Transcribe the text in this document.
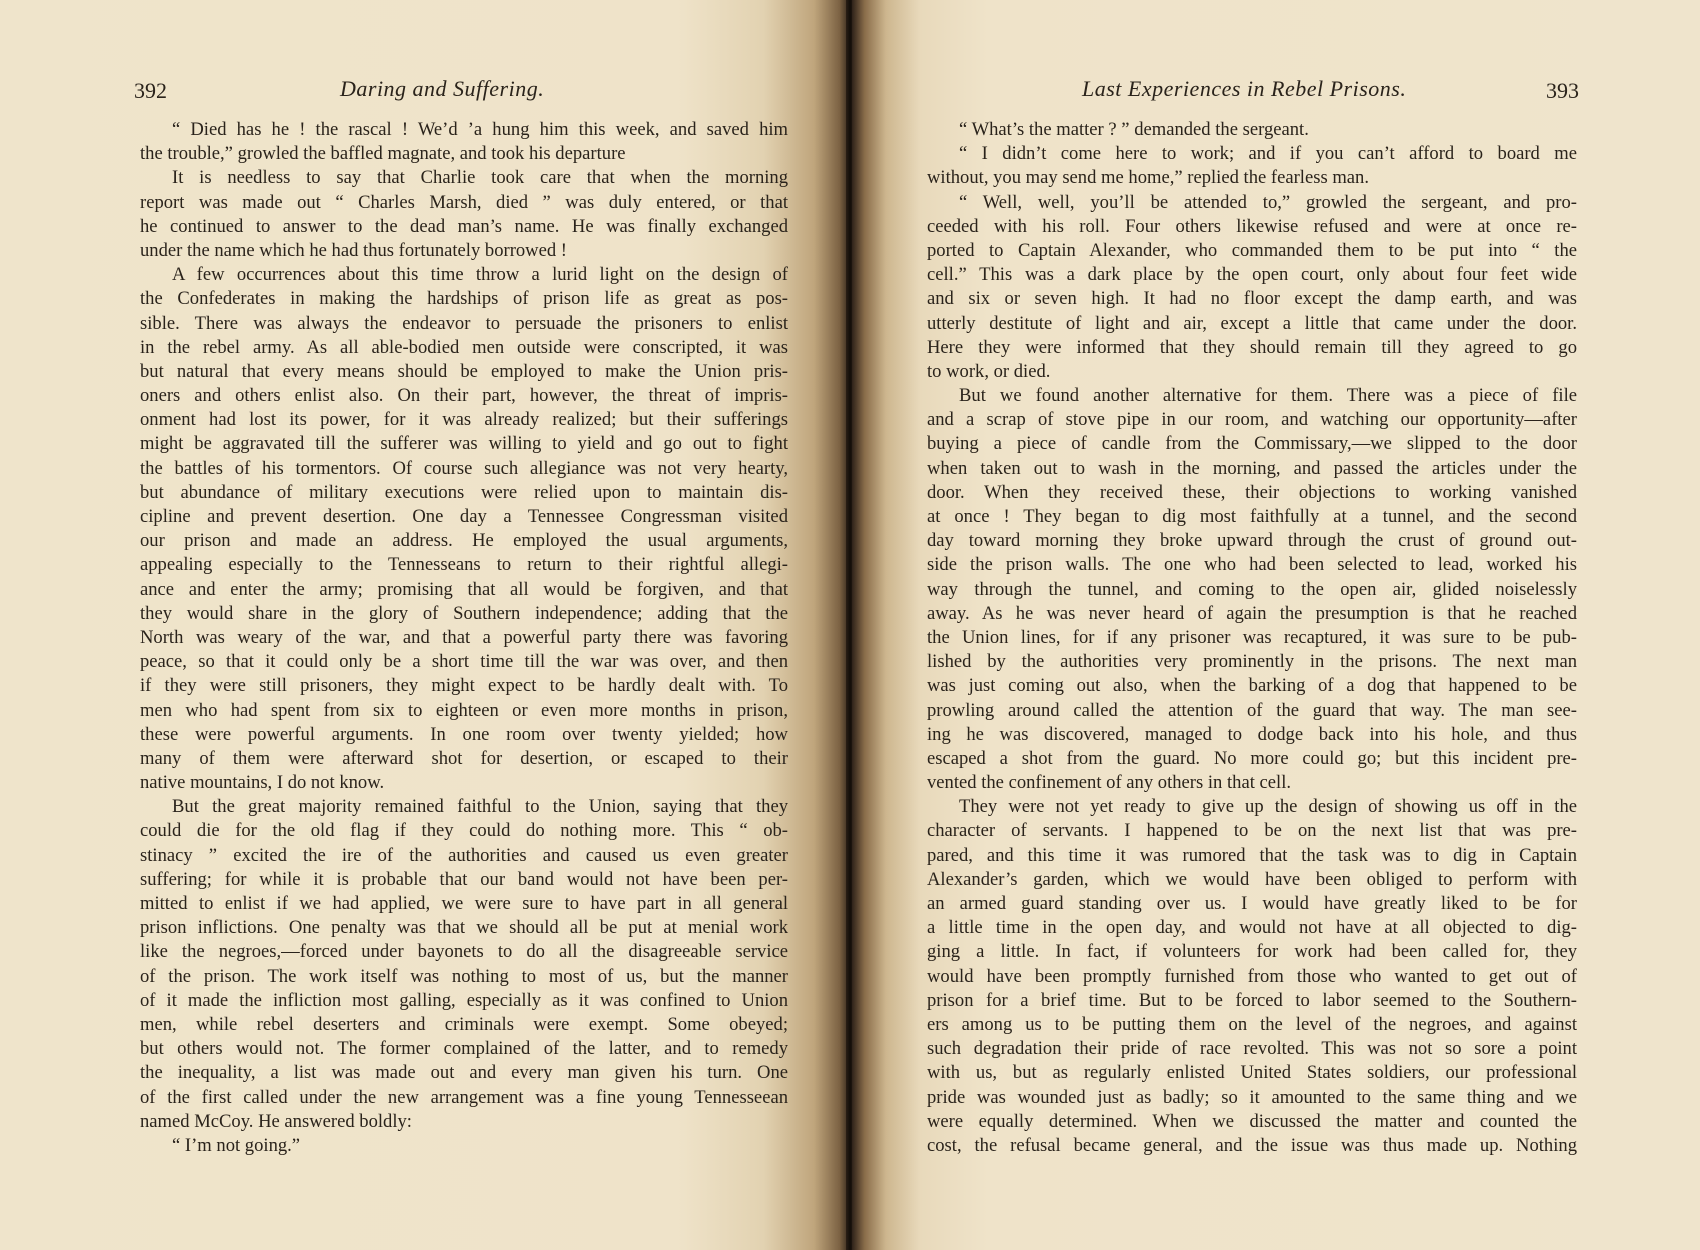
392	Daring and Suffering.
“ Died has he ! the rascal ! We’d ’a hung him this week, and saved him
the trouble,” growled the baffled magnate, and took his departure
It is needless to say that Charlie took care that when the morning
report was made out “ Charles Marsh, died ” was duly entered, or that
he continued to answer to the dead man’s name. He was finally exchanged
under the name which he had thus fortunately borrowed !
A few occurrences about this time throw a lurid light on the design of
the Confederates in making the hardships of prison life as great as pos-
sible. There was always the endeavor to persuade the prisoners to enlist
in the rebel army. As all able-bodied men outside were conscripted, it was
but natural that every means should be employed to make the Union pris-
oners and others enlist also. On their part, however, the threat of impris-
onment had lost its power, for it was already realized; but their sufferings
might be aggravated till the sufferer was willing to yield and go out to fight
the battles of his tormentors. Of course such allegiance was not very hearty,
but abundance of military executions were relied upon to maintain dis-
cipline and prevent desertion. One day a Tennessee Congressman visited
our prison and made an address. He employed the usual arguments,
appealing especially to the Tennesseans to return to their rightful allegi-
ance and enter the army; promising that all would be forgiven, and that
they would share in the glory of Southern independence; adding that the
North was weary of the war, and that a powerful party there was favoring
peace, so that it could only be a short time till the war was over, and then
if they were still prisoners, they might expect to be hardly dealt with. To
men who had spent from six to eighteen or even more months in prison,
these were powerful arguments. In one room over twenty yielded; how
many of them were afterward shot for desertion, or escaped to their
native mountains, I do not know.
But the great majority remained faithful to the Union, saying that they
could die for the old flag if they could do nothing more. This “ ob-
stinacy ” excited the ire of the authorities and caused us even greater
suffering; for while it is probable that our band would not have been per-
mitted to enlist if we had applied, we were sure to have part in all general
prison inflictions. One penalty was that we should all be put at menial work
like the negroes,—forced under bayonets to do all the disagreeable service
of the prison. The work itself was nothing to most of us, but the manner
of it made the infliction most galling, especially as it was confined to Union
men, while rebel deserters and criminals were exempt. Some obeyed;
but others would not. The former complained of the latter, and to remedy
the inequality, a list was made out and every man given his turn. One
of the first called under the new arrangement was a fine young Tennesseean
named McCoy. He answered boldly:
“ I’m not going.”
Last Experiences in Rebel Prisons.	393
“ What’s the matter ? ” demanded the sergeant.
“ I didn’t come here to work; and if you can’t afford to board me
without, you may send me home,” replied the fearless man.
“ Well, well, you’ll be attended to,” growled the sergeant, and pro-
ceeded with his roll. Four others likewise refused and were at once re-
ported to Captain Alexander, who commanded them to be put into “ the
cell.” This was a dark place by the open court, only about four feet wide
and six or seven high. It had no floor except the damp earth, and was
utterly destitute of light and air, except a little that came under the door.
Here they were informed that they should remain till they agreed to go
to work, or died.
But we found another alternative for them. There was a piece of file
and a scrap of stove pipe in our room, and watching our opportunity—after
buying a piece of candle from the Commissary,—we slipped to the door
when taken out to wash in the morning, and passed the articles under the
door. When they received these, their objections to working vanished
at once ! They began to dig most faithfully at a tunnel, and the second
day toward morning they broke upward through the crust of ground out-
side the prison walls. The one who had been selected to lead, worked his
way through the tunnel, and coming to the open air, glided noiselessly
away. As he was never heard of again the presumption is that he reached
the Union lines, for if any prisoner was recaptured, it was sure to be pub-
lished by the authorities very prominently in the prisons. The next man
was just coming out also, when the barking of a dog that happened to be
prowling around called the attention of the guard that way. The man see-
ing he was discovered, managed to dodge back into his hole, and thus
escaped a shot from the guard. No more could go; but this incident pre-
vented the confinement of any others in that cell.
They were not yet ready to give up the design of showing us off in the
character of servants. I happened to be on the next list that was pre-
pared, and this time it was rumored that the task was to dig in Captain
Alexander’s garden, which we would have been obliged to perform with
an armed guard standing over us. I would have greatly liked to be for
a little time in the open day, and would not have at all objected to dig-
ging a little. In fact, if volunteers for work had been called for, they
would have been promptly furnished from those who wanted to get out of
prison for a brief time. But to be forced to labor seemed to the Southern-
ers among us to be putting them on the level of the negroes, and against
such degradation their pride of race revolted. This was not so sore a point
with us, but as regularly enlisted United States soldiers, our professional
pride was wounded just as badly; so it amounted to the same thing and we
were equally determined. When we discussed the matter and counted the
cost, the refusal became general, and the issue was thus made up. Nothing
